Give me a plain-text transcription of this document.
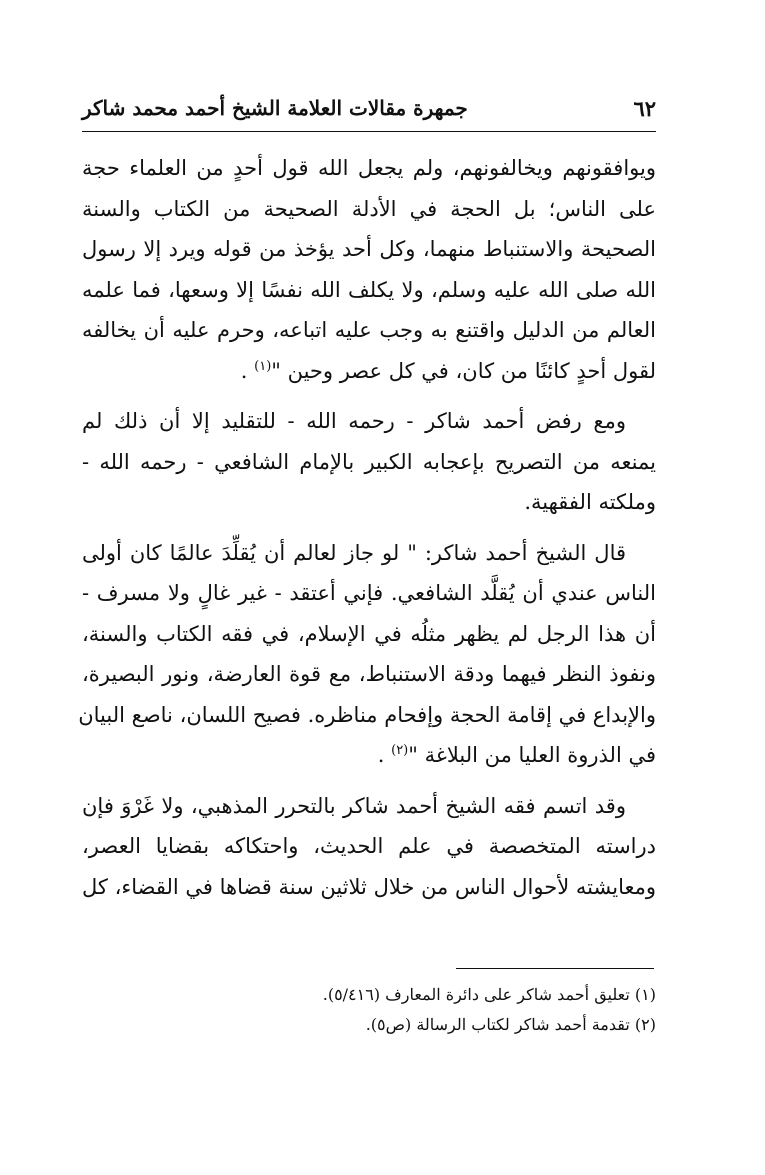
٦٢
جمهرة مقالات العلامة الشيخ أحمد محمد شاكر
ويوافقونهم ويخالفونهم، ولم يجعل الله قول أحدٍ من العلماء حجة
على الناس؛ بل الحجة في الأدلة الصحيحة من الكتاب والسنة
الصحيحة والاستنباط منهما، وكل أحد يؤخذ من قوله ويرد إلا رسول
الله صلى الله عليه وسلم، ولا يكلف الله نفسًا إلا وسعها، فما علمه
العالم من الدليل واقتنع به وجب عليه اتباعه، وحرم عليه أن يخالفه
لقول أحدٍ كائنًا من كان، في كل عصر وحين "$^{(١)}$ .
ومع رفض أحمد شاكر - رحمه الله - للتقليد إلا أن ذلك لم
يمنعه من التصريح بإعجابه الكبير بالإمام الشافعي - رحمه الله -
وملكته الفقهية.
قال الشيخ أحمد شاكر: " لو جاز لعالم أن يُقلِّدَ عالمًا كان أولى
الناس عندي أن يُقلَّد الشافعي. فإني أعتقد - غير غالٍ ولا مسرف -
أن هذا الرجل لم يظهر مثلُه في الإسلام، في فقه الكتاب والسنة،
ونفوذ النظر فيهما ودقة الاستنباط، مع قوة العارضة، ونور البصيرة،
والإبداع في إقامة الحجة وإفحام مناظره. فصيح اللسان، ناصع البيان
في الذروة العليا من البلاغة "$^{(٢)}$ .
وقد اتسم فقه الشيخ أحمد شاكر بالتحرر المذهبي، ولا غَرْوَ فإن
دراسته المتخصصة في علم الحديث، واحتكاكه بقضايا العصر،
ومعايشته لأحوال الناس من خلال ثلاثين سنة قضاها في القضاء، كل
(١) تعليق أحمد شاكر على دائرة المعارف (٥/٤١٦).
(٢) تقدمة أحمد شاكر لكتاب الرسالة (ص٥).
